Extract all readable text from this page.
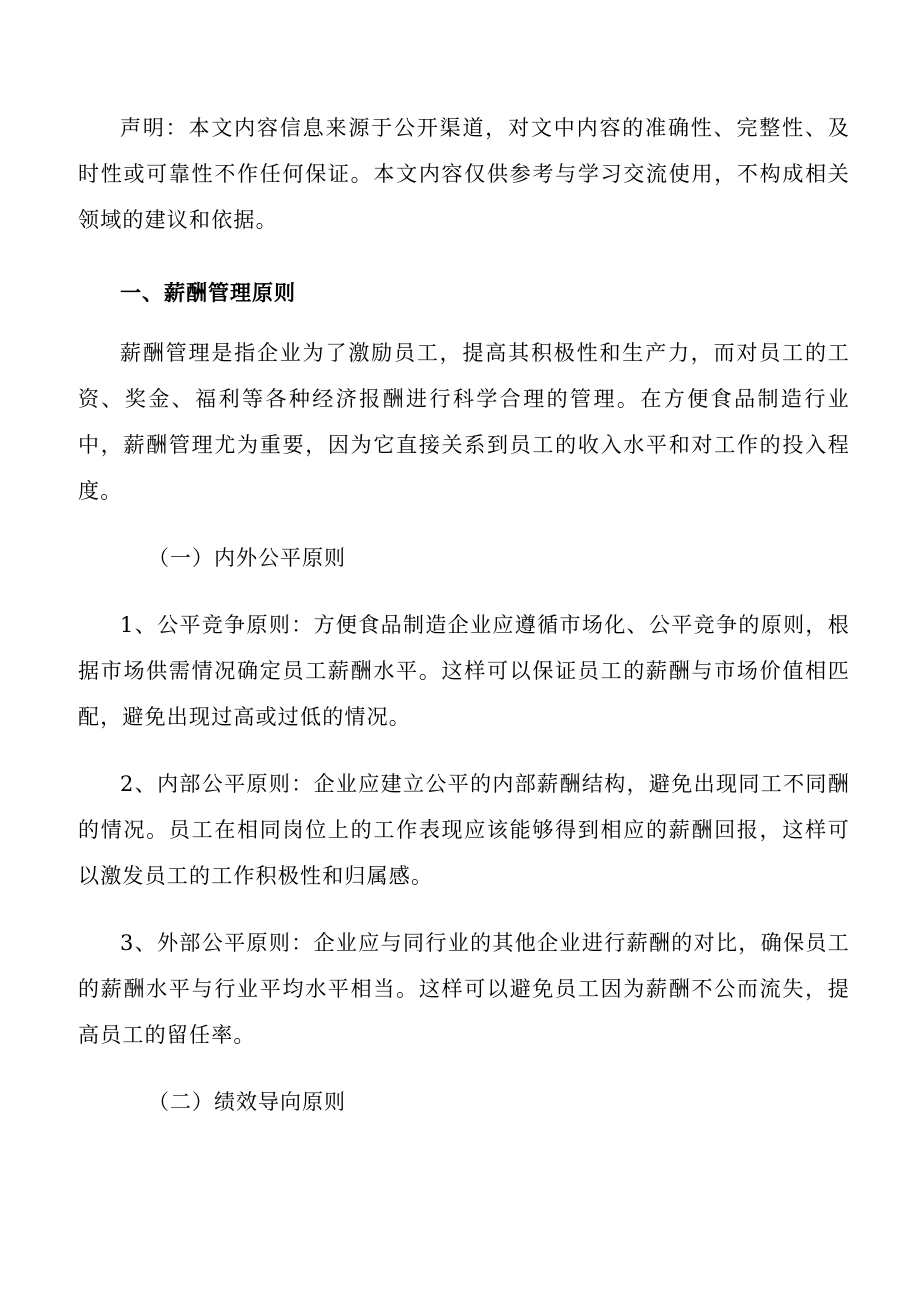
声明：本文内容信息来源于公开渠道，对文中内容的准确性、完整性、及时性或可靠性不作任何保证。本文内容仅供参考与学习交流使用，不构成相关领域的建议和依据。

一、薪酬管理原则

薪酬管理是指企业为了激励员工，提高其积极性和生产力，而对员工的工资、奖金、福利等各种经济报酬进行科学合理的管理。在方便食品制造行业中，薪酬管理尤为重要，因为它直接关系到员工的收入水平和对工作的投入程度。

（一）内外公平原则

1、公平竞争原则：方便食品制造企业应遵循市场化、公平竞争的原则，根据市场供需情况确定员工薪酬水平。这样可以保证员工的薪酬与市场价值相匹配，避免出现过高或过低的情况。

2、内部公平原则：企业应建立公平的内部薪酬结构，避免出现同工不同酬的情况。员工在相同岗位上的工作表现应该能够得到相应的薪酬回报，这样可以激发员工的工作积极性和归属感。

3、外部公平原则：企业应与同行业的其他企业进行薪酬的对比，确保员工的薪酬水平与行业平均水平相当。这样可以避免员工因为薪酬不公而流失，提高员工的留任率。

（二）绩效导向原则
